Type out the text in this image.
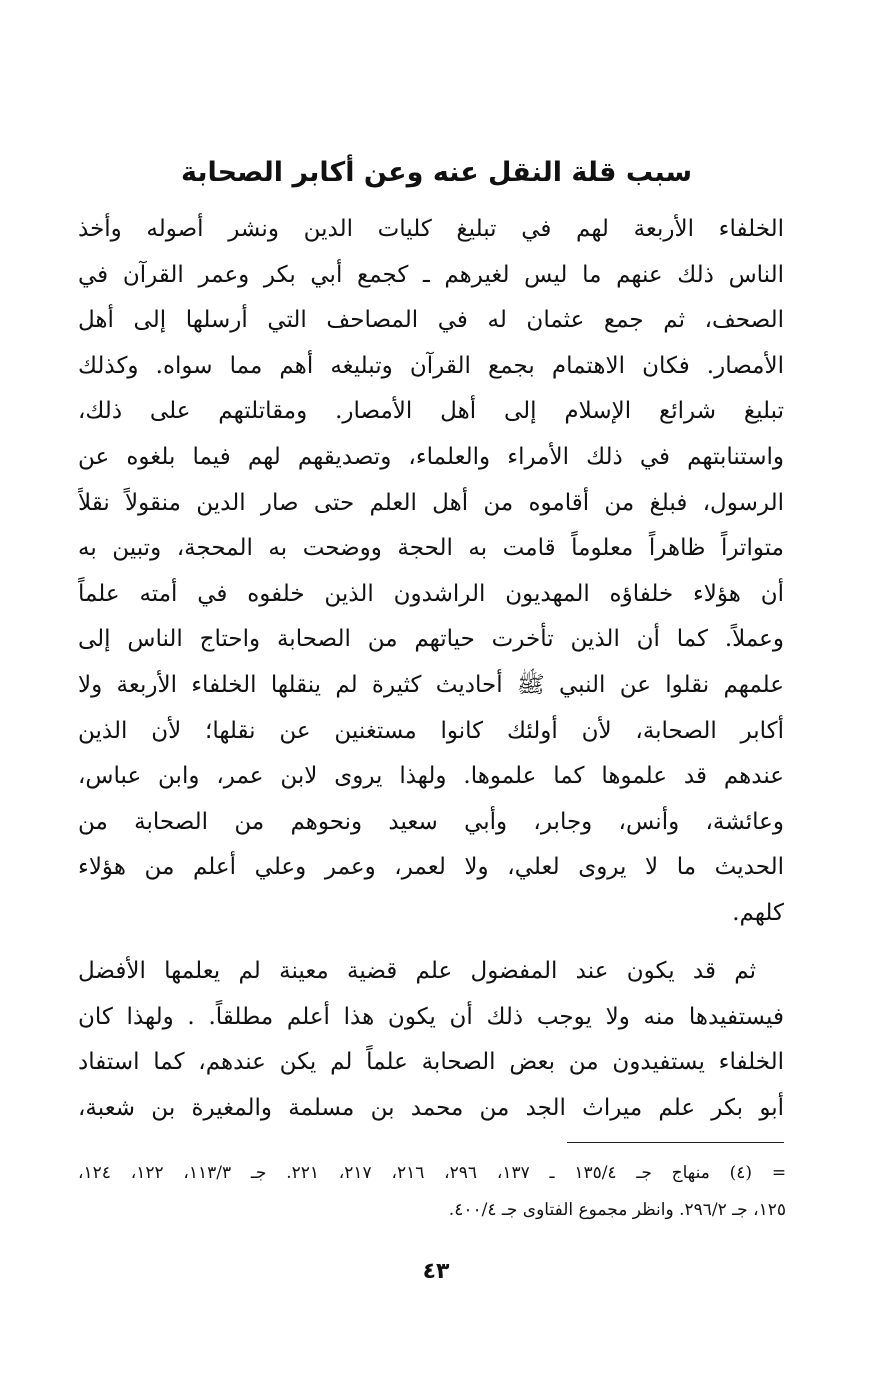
سبب قلة النقل عنه وعن أكابر الصحابة
الخلفاء الأربعة لهم في تبليغ كليات الدين ونشر أصوله وأخذ
الناس ذلك عنهم ما ليس لغيرهم ـ كجمع أبي بكر وعمر القرآن في
الصحف، ثم جمع عثمان له في المصاحف التي أرسلها إلى أهل
الأمصار. فكان الاهتمام بجمع القرآن وتبليغه أهم مما سواه. وكذلك
تبليغ شرائع الإسلام إلى أهل الأمصار. ومقاتلتهم على ذلك،
واستنابتهم في ذلك الأمراء والعلماء، وتصديقهم لهم فيما بلغوه عن
الرسول، فبلغ من أقاموه من أهل العلم حتى صار الدين منقولاً نقلاً
متواتراً ظاهراً معلوماً قامت به الحجة ووضحت به المحجة، وتبين به
أن هؤلاء خلفاؤه المهديون الراشدون الذين خلفوه في أمته علماً
وعملاً. كما أن الذين تأخرت حياتهم من الصحابة واحتاج الناس إلى
علمهم نقلوا عن النبي ﷺ أحاديث كثيرة لم ينقلها الخلفاء الأربعة ولا
أكابر الصحابة، لأن أولئك كانوا مستغنين عن نقلها؛ لأن الذين
عندهم قد علموها كما علموها. ولهذا يروى لابن عمر، وابن عباس،
وعائشة، وأنس، وجابر، وأبي سعيد ونحوهم من الصحابة من
الحديث ما لا يروى لعلي، ولا لعمر، وعمر وعلي أعلم من هؤلاء
كلهم.
ثم قد يكون عند المفضول علم قضية معينة لم يعلمها الأفضل
فيستفيدها منه ولا يوجب ذلك أن يكون هذا أعلم مطلقاً. . ولهذا كان
الخلفاء يستفيدون من بعض الصحابة علماً لم يكن عندهم، كما استفاد
أبو بكر علم ميراث الجد من محمد بن مسلمة والمغيرة بن شعبة،
= (٤) منهاج جـ ١٣٥/٤ ـ ١٣٧، ٢٩٦، ٢١٦، ٢١٧، ٢٢١. جـ ١١٣/٣، ١٢٢، ١٢٤،
١٢٥، جـ ٢٩٦/٢. وانظر مجموع الفتاوى جـ ٤٠٠/٤.
٤٣
